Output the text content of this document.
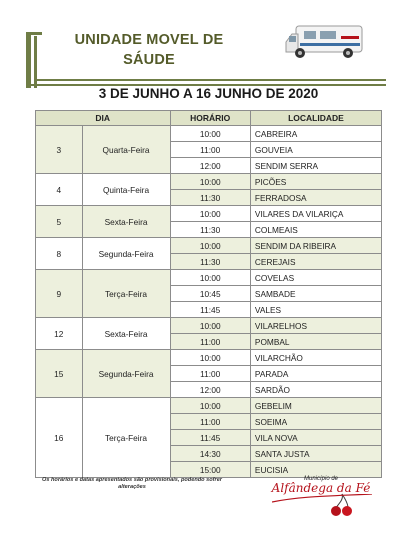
UNIDADE MOVEL DE
SÁUDE
3 DE JUNHO A 16 JUNHO DE 2020
DIA		HORÁRIO	LOCALIDADE
3	Quarta-Feira	10:00	CABREIRA
		11:00	GOUVEIA
		12:00	SENDIM SERRA
4	Quinta-Feira	10:00	PICÕES
		11:30	FERRADOSA
5	Sexta-Feira	10:00	VILARES DA VILARIÇA
		11:30	COLMEAIS
8	Segunda-Feira	10:00	SENDIM DA RIBEIRA
		11:30	CEREJAIS
9	Terça-Feira	10:00	COVELAS
		10:45	SAMBADE
		11:45	VALES
12	Sexta-Feira	10:00	VILARELHOS
		11:00	POMBAL
15	Segunda-Feira	10:00	VILARCHÃO
		11:00	PARADA
		12:00	SARDÃO
16	Terça-Feira	10:00	GEBELIM
		11:00	SOEIMA
		11:45	VILA NOVA
		14:30	SANTA JUSTA
		15:00	EUCISIA
Os horários e datas apresentados são provisionais, podendo sofrer alterações
Município de
Alfândega da Fé
